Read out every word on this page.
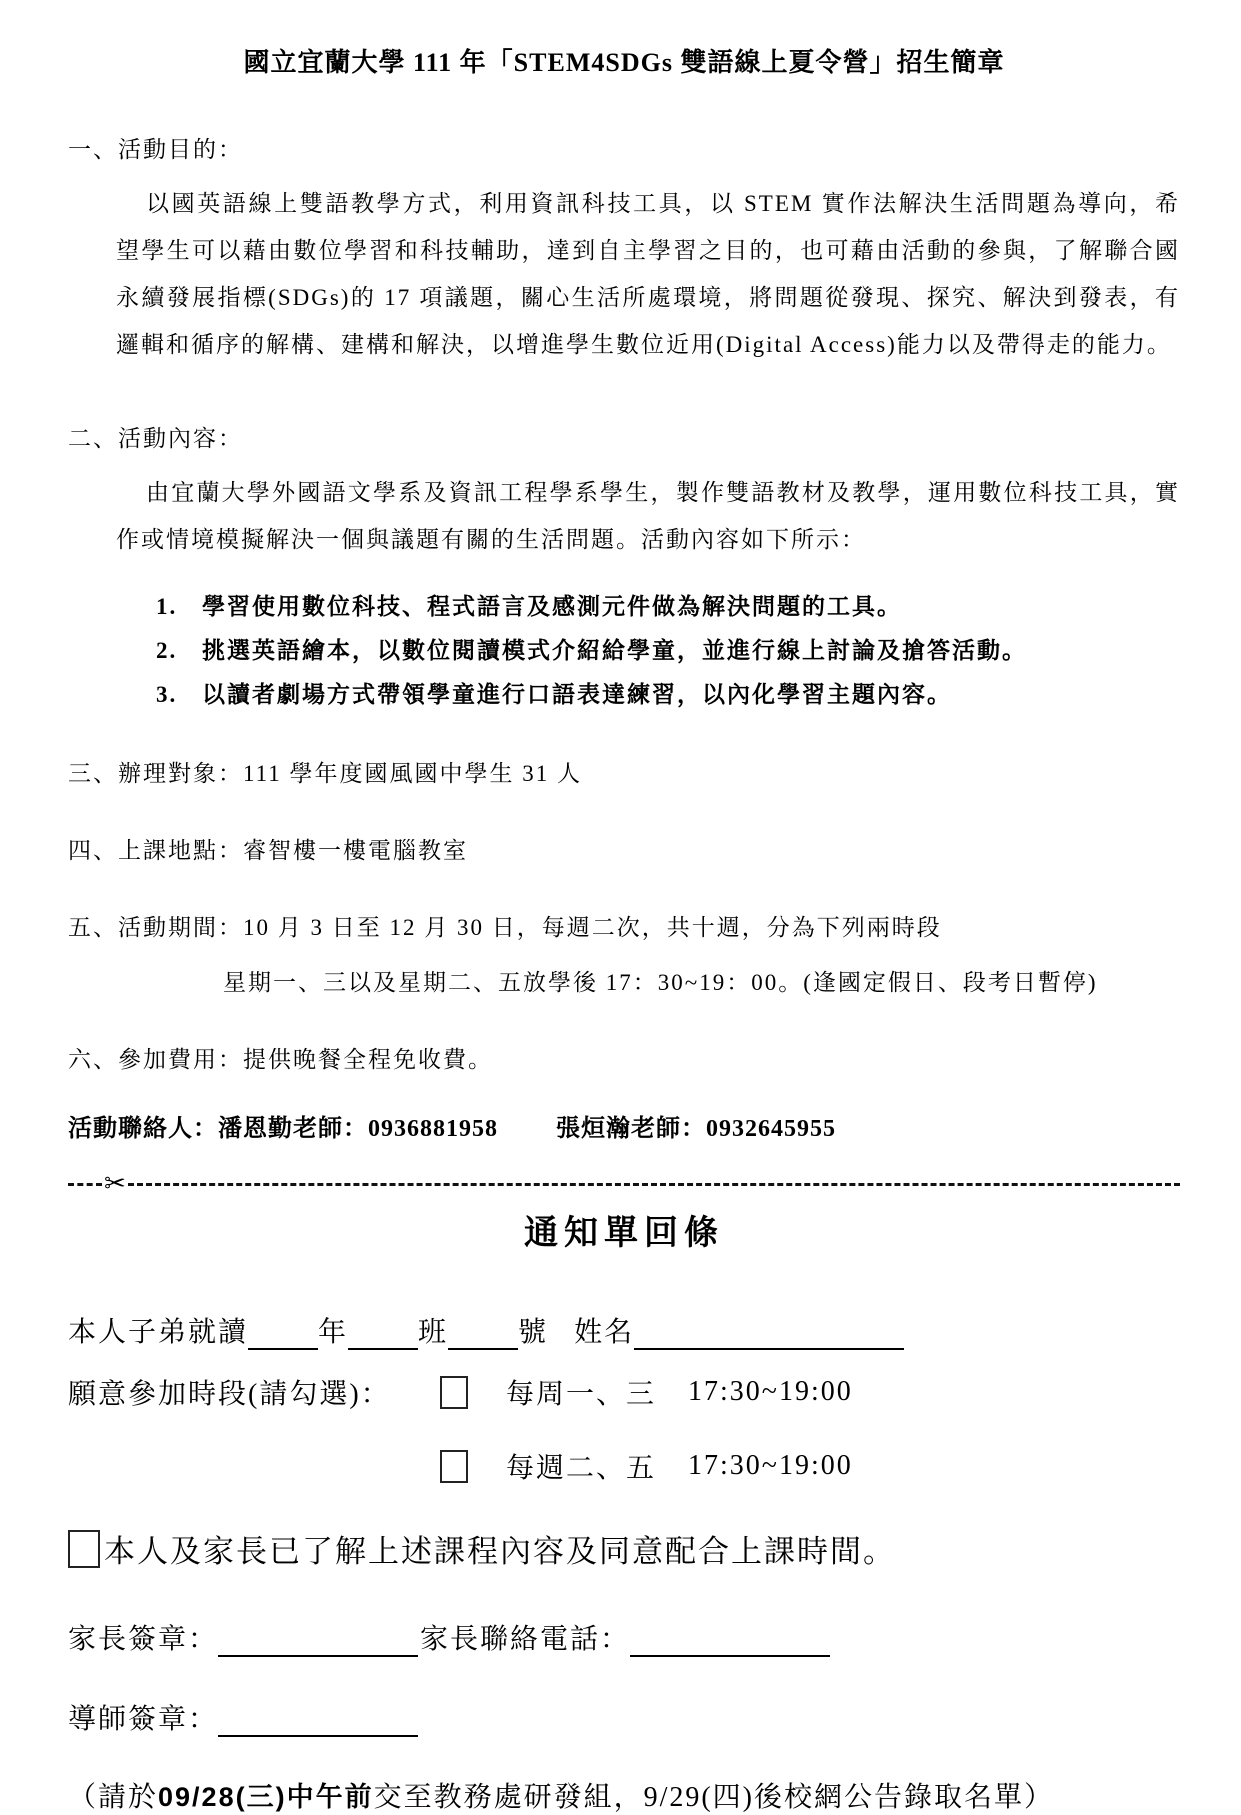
國立宜蘭大學 111 年「STEM4SDGs 雙語線上夏令營」招生簡章
一、活動目的：

以國英語線上雙語教學方式，利用資訊科技工具，以 STEM 實作法解決生活問題為導向，希望學生可以藉由數位學習和科技輔助，達到自主學習之目的，也可藉由活動的參與，了解聯合國永續發展指標(SDGs)的 17 項議題，關心生活所處環境，將問題從發現、探究、解決到發表，有邏輯和循序的解構、建構和解決，以增進學生數位近用(Digital Access)能力以及帶得走的能力。

二、活動內容：

由宜蘭大學外國語文學系及資訊工程學系學生，製作雙語教材及教學，運用數位科技工具，實作或情境模擬解決一個與議題有關的生活問題。活動內容如下所示：

1.	學習使用數位科技、程式語言及感測元件做為解決問題的工具。
2.	挑選英語繪本，以數位閱讀模式介紹給學童，並進行線上討論及搶答活動。
3.	以讀者劇場方式帶領學童進行口語表達練習，以內化學習主題內容。
三、辦理對象：111 學年度國風國中學生 31 人
四、上課地點：睿智樓一樓電腦教室
五、活動期間：10 月 3 日至 12 月 30 日，每週二次，共十週，分為下列兩時段
星期一、三以及星期二、五放學後 17：30~19：00。(逢國定假日、段考日暫停)
六、參加費用：提供晚餐全程免收費。
活動聯絡人：潘恩勤老師：0936881958 張烜瀚老師：0932645955
✂
通知單回條
本人子弟就讀	年	班	號 姓名
願意參加時段(請勾選)：	每周一、三 17:30~19:00
每週二、五 17:30~19:00
本人及家長已了解上述課程內容及同意配合上課時間。
家長簽章：	家長聯絡電話：
導師簽章：
（請於09/28(三)中午前交至教務處研發組，9/29(四)後校網公告錄取名單）
